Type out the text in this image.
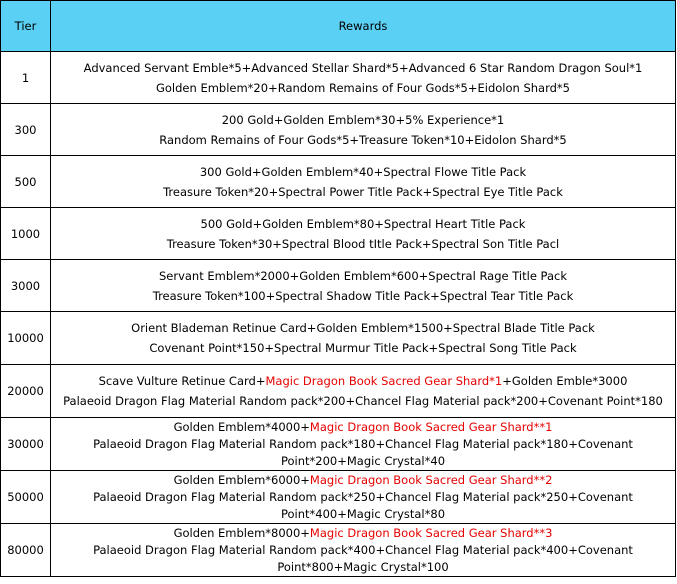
Tier	Rewards
1	Advanced Servant Emble*5+Advanced Stellar Shard*5+Advanced 6 Star Random Dragon Soul*1
Golden Emblem*20+Random Remains of Four Gods*5+Eidolon Shard*5

300	200 Gold+Golden Emblem*30+5% Experience*1
Random Remains of Four Gods*5+Treasure Token*10+Eidolon Shard*5

500	300 Gold+Golden Emblem*40+Spectral Flowe Title Pack
Treasure Token*20+Spectral Power Title Pack+Spectral Eye Title Pack

1000	500 Gold+Golden Emblem*80+Spectral Heart Title Pack
Treasure Token*30+Spectral Blood tItle Pack+Spectral Son Title Pacl

3000	Servant Emblem*2000+Golden Emblem*600+Spectral Rage Title Pack
Treasure Token*100+Spectral Shadow Title Pack+Spectral Tear Title Pack

10000	Orient Blademan Retinue Card+Golden Emblem*1500+Spectral Blade Title Pack
Covenant Point*150+Spectral Murmur Title Pack+Spectral Song Title Pack

20000	Scave Vulture Retinue Card+Magic Dragon Book Sacred Gear Shard*1+Golden Emble*3000
Palaeoid Dragon Flag Material Random pack*200+Chancel Flag Material pack*200+Covenant Point*180

30000	Golden Emblem*4000+Magic Dragon Book Sacred Gear Shard**1
Palaeoid Dragon Flag Material Random pack*180+Chancel Flag Material pack*180+Covenant
Point*200+Magic Crystal*40

50000	Golden Emblem*6000+Magic Dragon Book Sacred Gear Shard**2
Palaeoid Dragon Flag Material Random pack*250+Chancel Flag Material pack*250+Covenant
Point*400+Magic Crystal*80

80000	Golden Emblem*8000+Magic Dragon Book Sacred Gear Shard**3
Palaeoid Dragon Flag Material Random pack*400+Chancel Flag Material pack*400+Covenant
Point*800+Magic Crystal*100
